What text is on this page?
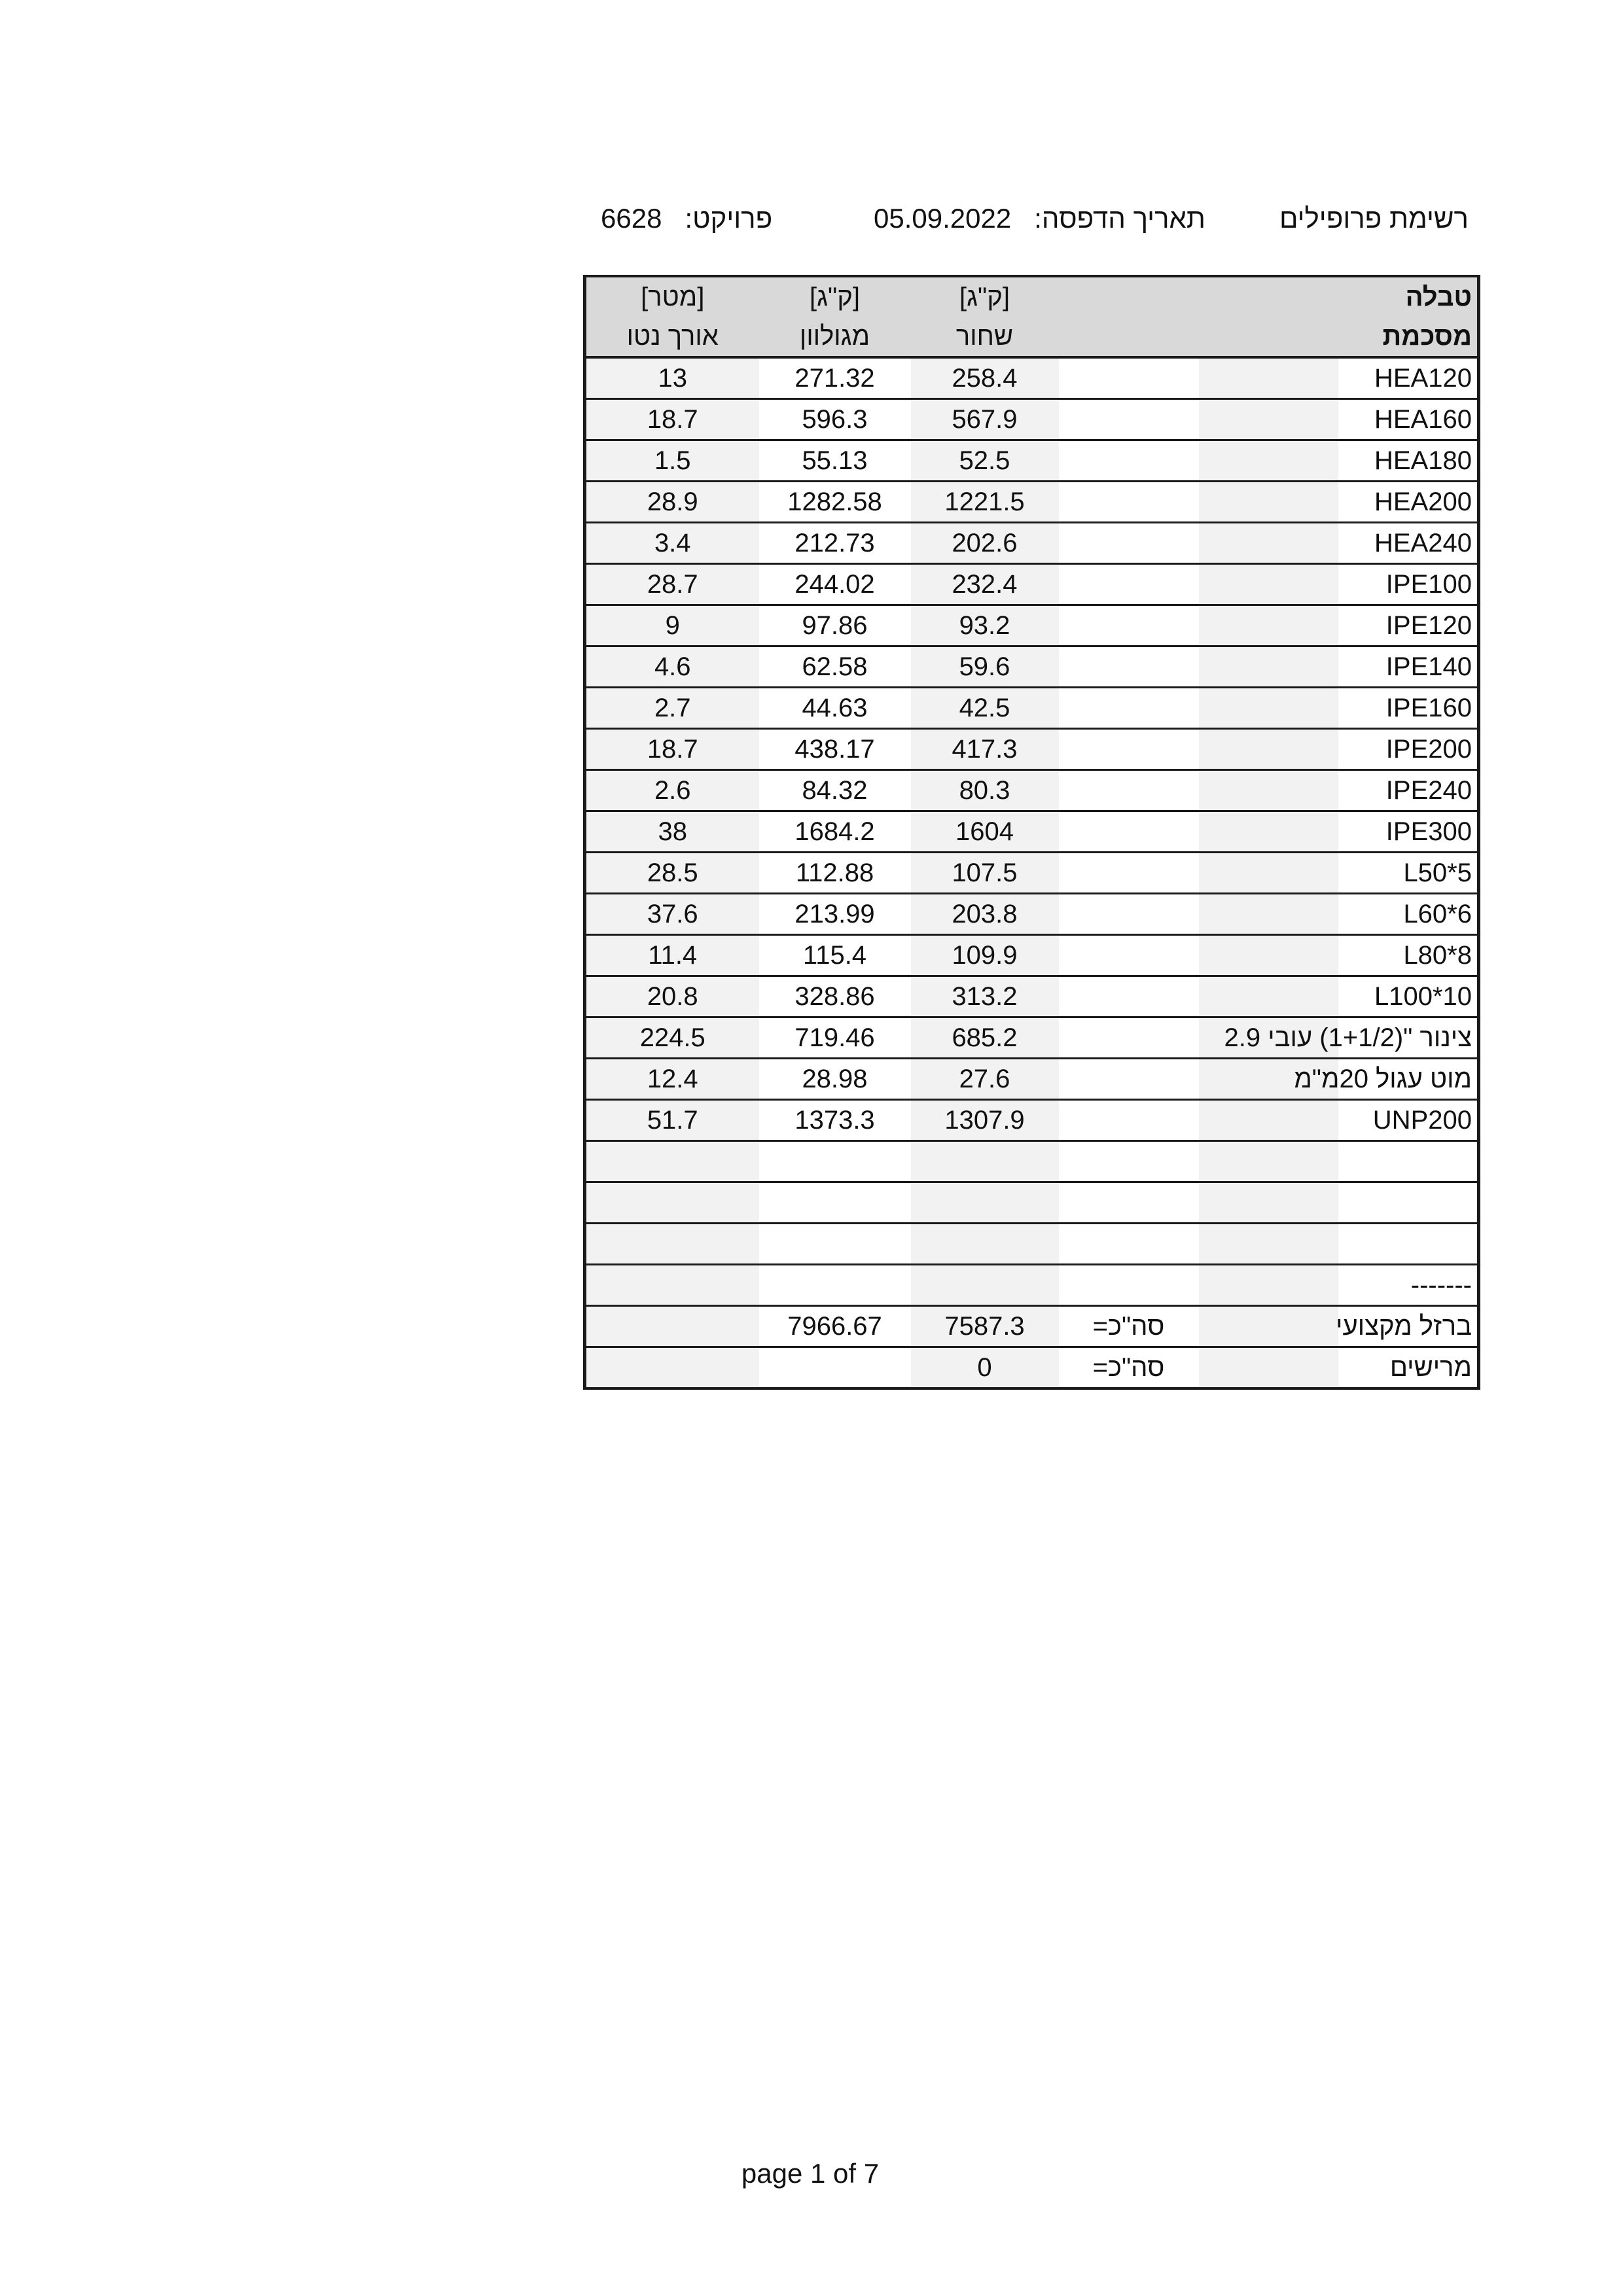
רשימת פרופילים
תאריך הדפסה:   05.09.2022
פרויקט:   6628
[מטר]	[ק"ג]	[ק"ג]			טבלה
אורך נטו	מגולוון	שחור			מסכמת
13	271.32	258.4			HEA120
18.7	596.3	567.9			HEA160
1.5	55.13	52.5			HEA180
28.9	1282.58	1221.5			HEA200
3.4	212.73	202.6			HEA240
28.7	244.02	232.4			IPE100
9	97.86	93.2			IPE120
4.6	62.58	59.6			IPE140
2.7	44.63	42.5			IPE160
18.7	438.17	417.3			IPE200
2.6	84.32	80.3			IPE240
38	1684.2	1604			IPE300
28.5	112.88	107.5			L50*5
37.6	213.99	203.8			L60*6
11.4	115.4	109.9			L80*8
20.8	328.86	313.2			L100*10
224.5	719.46	685.2			צינור "(1+1/2) עובי 2.9
12.4	28.98	27.6			מוט עגול 20מ"מ
51.7	1373.3	1307.9			UNP200

					-------
	7966.67	7587.3	סה"כ=		ברזל מקצועי
		0	סה"כ=		מרישים
page 1 of 7
